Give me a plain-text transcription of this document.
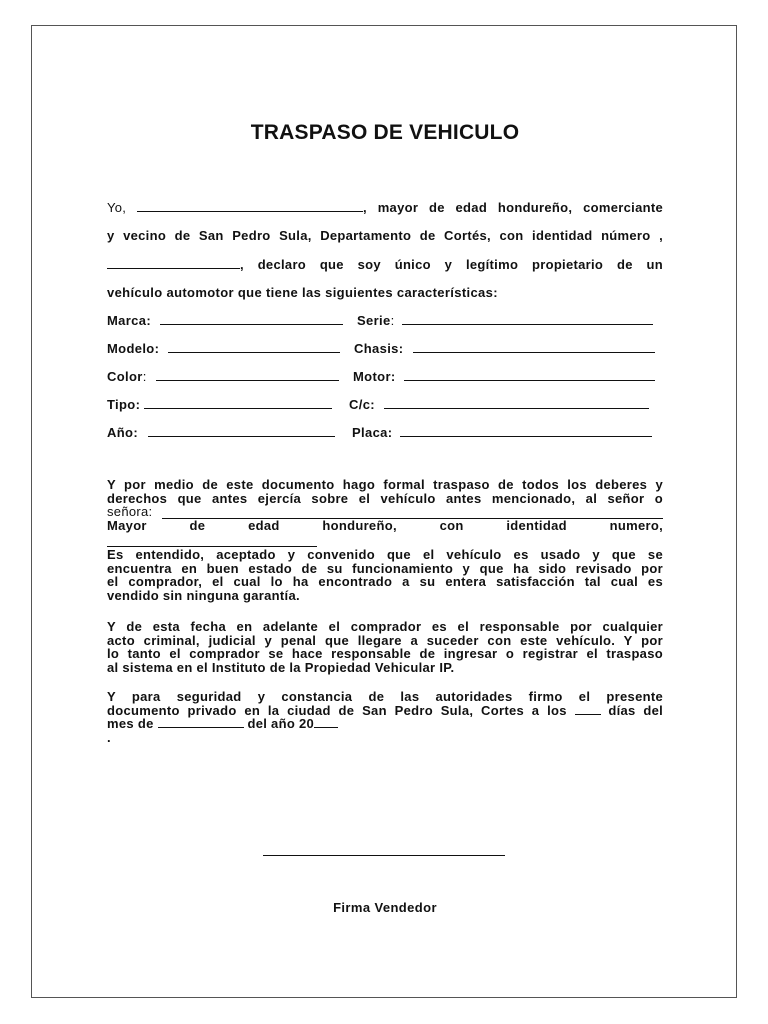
TRASPASO DE VEHICULO
Yo,	, mayor de edad hondureño, comerciante
y vecino de San Pedro Sula, Departamento de Cortés, con identidad número ,
, declaro que soy único y legítimo propietario de un
vehículo automotor que tiene las siguientes características:
Marca:	Serie:
Modelo:	Chasis:
Color:	Motor:
Tipo:	C/c:
Año:	Placa:
Y por medio de este documento hago formal traspaso de todos los deberes y
derechos que antes ejercía sobre el vehículo antes mencionado, al señor o
señora:
Mayor de edad hondureño, con identidad numero,
Es entendido, aceptado y convenido que el vehículo es usado y que se
encuentra en buen estado de su funcionamiento y que ha sido revisado por
el comprador, el cual lo ha encontrado a su entera satisfacción tal cual es
vendido sin ninguna garantía.
Y de esta fecha en adelante el comprador es el responsable por cualquier
acto criminal, judicial y penal que llegare a suceder con este vehículo. Y por
lo tanto el comprador se hace responsable de ingresar o registrar el traspaso
al sistema en el Instituto de la Propiedad Vehicular IP.
Y para seguridad y constancia de las autoridades firmo el presente
documento privado en la ciudad de San Pedro Sula, Cortes a los	días del
mes de	del año 20
.
Firma Vendedor
